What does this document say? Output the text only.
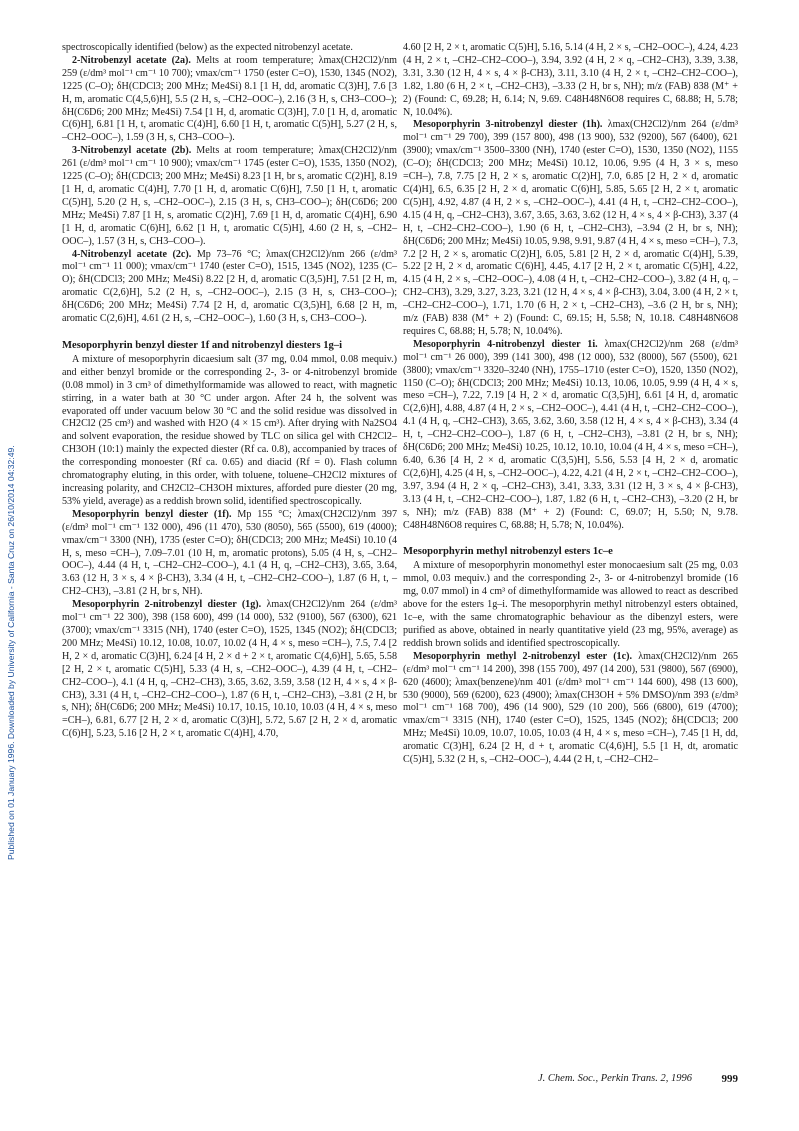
Published on 01 January 1996. Downloaded by University of California - Santa Cruz on 26/10/2014 04:32:49.

spectroscopically identified (below) as the expected nitrobenzyl acetate.

2-Nitrobenzyl acetate (2a). Melts at room temperature; λmax(CH2Cl2)/nm 259 (ε/dm³ mol⁻¹ cm⁻¹ 10 700); νmax/cm⁻¹ 1750 (ester C=O), 1530, 1345 (NO2), 1225 (C–O); δH(CDCl3; 200 MHz; Me4Si) 8.1 [1 H, dd, aromatic C(3)H], 7.6 [3 H, m, aromatic C(4,5,6)H], 5.5 (2 H, s, –CH2–OOC–), 2.16 (3 H, s, CH3–COO–); δH(C6D6; 200 MHz; Me4Si) 7.54 [1 H, d, aromatic C(3)H], 7.0 [1 H, d, aromatic C(6)H], 6.81 [1 H, t, aromatic C(4)H], 6.60 [1 H, t, aromatic C(5)H], 5.27 (2 H, s, –CH2–OOC–), 1.59 (3 H, s, CH3–COO–).

3-Nitrobenzyl acetate (2b). Melts at room temperature; λmax(CH2Cl2)/nm 261 (ε/dm³ mol⁻¹ cm⁻¹ 10 900); νmax/cm⁻¹ 1745 (ester C=O), 1535, 1350 (NO2), 1225 (C–O); δH(CDCl3; 200 MHz; Me4Si) 8.23 [1 H, br s, aromatic C(2)H], 8.19 [1 H, d, aromatic C(4)H], 7.70 [1 H, d, aromatic C(6)H], 7.50 [1 H, t, aromatic C(5)H], 5.20 (2 H, s, –CH2–OOC–), 2.15 (3 H, s, CH3–COO–); δH(C6D6; 200 MHz; Me4Si) 7.87 [1 H, s, aromatic C(2)H], 7.69 [1 H, d, aromatic C(4)H], 6.90 [1 H, d, aromatic C(6)H], 6.62 [1 H, t, aromatic C(5)H], 4.60 (2 H, s, –CH2–OOC–), 1.57 (3 H, s, CH3–COO–).

4-Nitrobenzyl acetate (2c). Mp 73–76 °C; λmax(CH2Cl2)/nm 266 (ε/dm³ mol⁻¹ cm⁻¹ 11 000); νmax/cm⁻¹ 1740 (ester C=O), 1515, 1345 (NO2), 1235 (C–O); δH(CDCl3; 200 MHz; Me4Si) 8.22 [2 H, d, aromatic C(3,5)H], 7.51 [2 H, m, aromatic C(2,6)H], 5.2 (2 H, s, –CH2–OOC–), 2.15 (3 H, s, CH3–COO–); δH(C6D6; 200 MHz; Me4Si) 7.74 [2 H, d, aromatic C(3,5)H], 6.68 [2 H, m, aromatic C(2,6)H], 4.61 (2 H, s, –CH2–OOC–), 1.60 (3 H, s, CH3–COO–).

Mesoporphyrin benzyl diester 1f and nitrobenzyl diesters 1g–i

A mixture of mesoporphyrin dicaesium salt (37 mg, 0.04 mmol, 0.08 mequiv.) and either benzyl bromide or the corresponding 2-, 3- or 4-nitrobenzyl bromide (0.08 mmol) in 3 cm³ of dimethylformamide was allowed to react, with magnetic stirring, in a water bath at 30 °C under argon. After 24 h, the solvent was evaporated off under vacuum below 30 °C and the solid residue was dissolved in CH2Cl2 (25 cm³) and washed with H2O (4 × 15 cm³). After drying with Na2SO4 and solvent evaporation, the residue showed by TLC on silica gel with CH2Cl2–CH3OH (10:1) mainly the expected diester (Rf ca. 0.8), accompanied by traces of the corresponding monoester (Rf ca. 0.65) and diacid (Rf = 0). Flash column chromatography eluting, in this order, with toluene, toluene–CH2Cl2 mixtures of increasing polarity, and CH2Cl2–CH3OH mixtures, afforded pure diester (20 mg, 53% yield, average) as a reddish brown solid, identified spectroscopically.

Mesoporphyrin benzyl diester (1f). Mp 155 °C; λmax(CH2Cl2)/nm 397 (ε/dm³ mol⁻¹ cm⁻¹ 132 000), 496 (11 470), 530 (8050), 565 (5500), 619 (4000); νmax/cm⁻¹ 3300 (NH), 1735 (ester C=O); δH(CDCl3; 200 MHz; Me4Si) 10.10 (4 H, s, meso =CH–), 7.09–7.01 (10 H, m, aromatic protons), 5.05 (4 H, s, –CH2–OOC–), 4.44 (4 H, t, –CH2–CH2–COO–), 4.1 (4 H, q, –CH2–CH3), 3.65, 3.64, 3.63 (12 H, 3 × s, 4 × β-CH3), 3.34 (4 H, t, –CH2–CH2–COO–), 1.87 (6 H, t, –CH2–CH3), –3.81 (2 H, br s, NH).

Mesoporphyrin 2-nitrobenzyl diester (1g). λmax(CH2Cl2)/nm 264 (ε/dm³ mol⁻¹ cm⁻¹ 22 300), 398 (158 600), 499 (14 000), 532 (9100), 567 (6300), 621 (3700); νmax/cm⁻¹ 3315 (NH), 1740 (ester C=O), 1525, 1345 (NO2); δH(CDCl3; 200 MHz; Me4Si) 10.12, 10.08, 10.07, 10.02 (4 H, 4 × s, meso =CH–), 7.5, 7.4 [2 H, 2 × d, aromatic C(3)H], 6.24 [4 H, 2 × d + 2 × t, aromatic C(4,6)H], 5.65, 5.58 [2 H, 2 × t, aromatic C(5)H], 5.33 (4 H, s, –CH2–OOC–), 4.39 (4 H, t, –CH2–CH2–COO–), 4.1 (4 H, q, –CH2–CH3), 3.65, 3.62, 3.59, 3.58 (12 H, 4 × s, 4 × β-CH3), 3.31 (4 H, t, –CH2–CH2–COO–), 1.87 (6 H, t, –CH2–CH3), –3.81 (2 H, br s, NH); δH(C6D6; 200 MHz; Me4Si) 10.17, 10.15, 10.10, 10.03 (4 H, 4 × s, meso =CH–), 6.81, 6.77 [2 H, 2 × d, aromatic C(3)H], 5.72, 5.67 [2 H, 2 × d, aromatic C(6)H], 5.23, 5.16 [2 H, 2 × t, aromatic C(4)H], 4.70,

4.60 [2 H, 2 × t, aromatic C(5)H], 5.16, 5.14 (4 H, 2 × s, –CH2–OOC–), 4.24, 4.23 (4 H, 2 × t, –CH2–CH2–COO–), 3.94, 3.92 (4 H, 2 × q, –CH2–CH3), 3.39, 3.38, 3.31, 3.30 (12 H, 4 × s, 4 × β-CH3), 3.11, 3.10 (4 H, 2 × t, –CH2–CH2–COO–), 1.82, 1.80 (6 H, 2 × t, –CH2–CH3), –3.33 (2 H, br s, NH); m/z (FAB) 838 (M⁺ + 2) (Found: C, 69.28; H, 6.14; N, 9.69. C48H48N6O8 requires C, 68.88; H, 5.78; N, 10.04%).

Mesoporphyrin 3-nitrobenzyl diester (1h). λmax(CH2Cl2)/nm 264 (ε/dm³ mol⁻¹ cm⁻¹ 29 700), 399 (157 800), 498 (13 900), 532 (9200), 567 (6400), 621 (3900); νmax/cm⁻¹ 3500–3300 (NH), 1740 (ester C=O), 1530, 1350 (NO2), 1155 (C–O); δH(CDCl3; 200 MHz; Me4Si) 10.12, 10.06, 9.95 (4 H, 3 × s, meso =CH–), 7.8, 7.75 [2 H, 2 × s, aromatic C(2)H], 7.0, 6.85 [2 H, 2 × d, aromatic C(4)H], 6.5, 6.35 [2 H, 2 × d, aromatic C(6)H], 5.85, 5.65 [2 H, 2 × t, aromatic C(5)H], 4.92, 4.87 (4 H, 2 × s, –CH2–OOC–), 4.41 (4 H, t, –CH2–CH2–COO–), 4.15 (4 H, q, –CH2–CH3), 3.67, 3.65, 3.63, 3.62 (12 H, 4 × s, 4 × β-CH3), 3.37 (4 H, t, –CH2–CH2–COO–), 1.90 (6 H, t, –CH2–CH3), –3.94 (2 H, br s, NH); δH(C6D6; 200 MHz; Me4Si) 10.05, 9.98, 9.91, 9.87 (4 H, 4 × s, meso =CH–), 7.3, 7.2 [2 H, 2 × s, aromatic C(2)H], 6.05, 5.81 [2 H, 2 × d, aromatic C(4)H], 5.39, 5.22 [2 H, 2 × d, aromatic C(6)H], 4.45, 4.17 [2 H, 2 × t, aromatic C(5)H], 4.22, 4.15 (4 H, 2 × s, –CH2–OOC–), 4.08 (4 H, t, –CH2–CH2–COO–), 3.82 (4 H, q, –CH2–CH3), 3.29, 3.27, 3.23, 3.21 (12 H, 4 × s, 4 × β-CH3), 3.04, 3.00 (4 H, 2 × t, –CH2–CH2–COO–), 1.71, 1.70 (6 H, 2 × t, –CH2–CH3), –3.6 (2 H, br s, NH); m/z (FAB) 838 (M⁺ + 2) (Found: C, 69.15; H, 5.58; N, 10.18. C48H48N6O8 requires C, 68.88; H, 5.78; N, 10.04%).

Mesoporphyrin 4-nitrobenzyl diester 1i. λmax(CH2Cl2)/nm 268 (ε/dm³ mol⁻¹ cm⁻¹ 26 000), 399 (141 300), 498 (12 000), 532 (8000), 567 (5500), 621 (3800); νmax/cm⁻¹ 3320–3240 (NH), 1755–1710 (ester C=O), 1520, 1350 (NO2), 1150 (C–O); δH(CDCl3; 200 MHz; Me4Si) 10.13, 10.06, 10.05, 9.99 (4 H, 4 × s, meso =CH–), 7.22, 7.19 [4 H, 2 × d, aromatic C(3,5)H], 6.61 [4 H, d, aromatic C(2,6)H], 4.88, 4.87 (4 H, 2 × s, –CH2–OOC–), 4.41 (4 H, t, –CH2–CH2–COO–), 4.1 (4 H, q, –CH2–CH3), 3.65, 3.62, 3.60, 3.58 (12 H, 4 × s, 4 × β-CH3), 3.34 (4 H, t, –CH2–CH2–COO–), 1.87 (6 H, t, –CH2–CH3), –3.81 (2 H, br s, NH); δH(C6D6; 200 MHz; Me4Si) 10.25, 10.12, 10.10, 10.04 (4 H, 4 × s, meso =CH–), 6.40, 6.36 [4 H, 2 × d, aromatic C(3,5)H], 5.56, 5.53 [4 H, 2 × d, aromatic C(2,6)H], 4.25 (4 H, s, –CH2–OOC–), 4.22, 4.21 (4 H, 2 × t, –CH2–CH2–COO–), 3.97, 3.94 (4 H, 2 × q, –CH2–CH3), 3.41, 3.33, 3.31 (12 H, 3 × s, 4 × β-CH3), 3.13 (4 H, t, –CH2–CH2–COO–), 1.87, 1.82 (6 H, t, –CH2–CH3), –3.20 (2 H, br s, NH); m/z (FAB) 838 (M⁺ + 2) (Found: C, 69.07; H, 5.50; N, 9.78. C48H48N6O8 requires C, 68.88; H, 5.78; N, 10.04%).

Mesoporphyrin methyl nitrobenzyl esters 1c–e

A mixture of mesoporphyrin monomethyl ester monocaesium salt (25 mg, 0.03 mmol, 0.03 mequiv.) and the corresponding 2-, 3- or 4-nitrobenzyl bromide (16 mg, 0.07 mmol) in 4 cm³ of dimethylformamide was allowed to react as described above for the esters 1g–i. The mesoporphyrin methyl nitrobenzyl esters obtained, 1c–e, with the same chromatographic behaviour as the dibenzyl esters, were purified as above, obtained in nearly quantitative yield (23 mg, 95%, average) as reddish brown solids and identified spectroscopically.

Mesoporphyrin methyl 2-nitrobenzyl ester (1c). λmax(CH2Cl2)/nm 265 (ε/dm³ mol⁻¹ cm⁻¹ 14 200), 398 (155 700), 497 (14 200), 531 (9800), 567 (6900), 620 (4600); λmax(benzene)/nm 401 (ε/dm³ mol⁻¹ cm⁻¹ 144 600), 498 (13 600), 530 (9000), 569 (6200), 623 (4900); λmax(CH3OH + 5% DMSO)/nm 393 (ε/dm³ mol⁻¹ cm⁻¹ 168 700), 496 (14 900), 529 (10 200), 566 (6800), 619 (4700); νmax/cm⁻¹ 3315 (NH), 1740 (ester C=O), 1525, 1345 (NO2); δH(CDCl3; 200 MHz; Me4Si) 10.09, 10.07, 10.05, 10.03 (4 H, 4 × s, meso =CH–), 7.45 [1 H, dd, aromatic C(3)H], 6.24 [2 H, d + t, aromatic C(4,6)H], 5.5 [1 H, dt, aromatic C(5)H], 5.32 (2 H, s, –CH2–OOC–), 4.44 (2 H, t, –CH2–CH2–

J. Chem. Soc., Perkin Trans. 2, 1996	999
